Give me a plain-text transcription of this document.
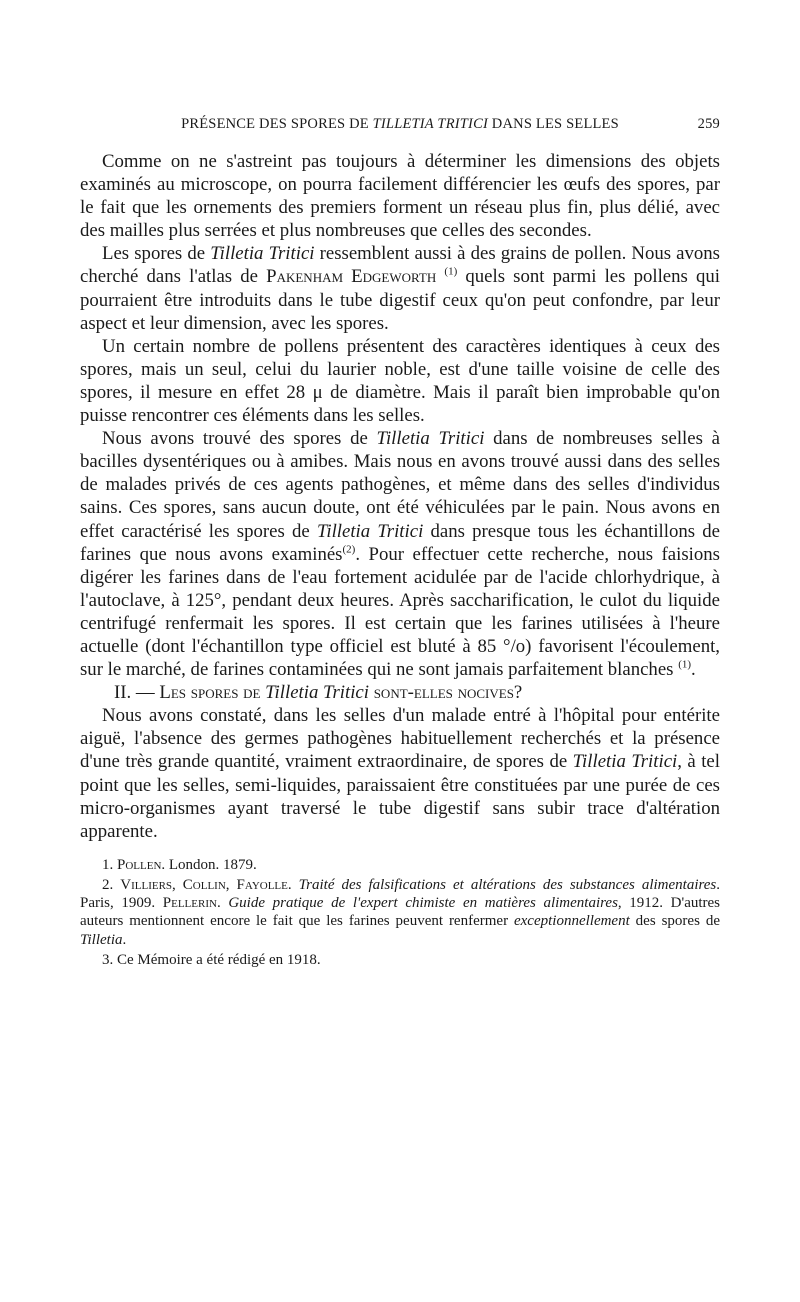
PRÉSENCE DES SPORES DE TILLETIA TRITICI DANS LES SELLES	259

Comme on ne s'astreint pas toujours à déterminer les dimensions des objets examinés au microscope, on pourra facilement différencier les œufs des spores, par le fait que les ornements des premiers forment un réseau plus fin, plus délié, avec des mailles plus serrées et plus nombreuses que celles des secondes.

Les spores de Tilletia Tritici ressemblent aussi à des grains de pollen. Nous avons cherché dans l'atlas de Pakenham Edgeworth $^{(1)}$ quels sont parmi les pollens qui pourraient être introduits dans le tube digestif ceux qu'on peut confondre, par leur aspect et leur dimension, avec les spores.

Un certain nombre de pollens présentent des caractères identiques à ceux des spores, mais un seul, celui du laurier noble, est d'une taille voisine de celle des spores, il mesure en effet 28 μ de diamètre. Mais il paraît bien improbable qu'on puisse rencontrer ces éléments dans les selles.

Nous avons trouvé des spores de Tilletia Tritici dans de nombreuses selles à bacilles dysentériques ou à amibes. Mais nous en avons trouvé aussi dans des selles de malades privés de ces agents pathogènes, et même dans des selles d'individus sains. Ces spores, sans aucun doute, ont été véhiculées par le pain. Nous avons en effet caractérisé les spores de Tilletia Tritici dans presque tous les échantillons de farines que nous avons examinés$^{(2)}$. Pour effectuer cette recherche, nous faisions digérer les farines dans de l'eau fortement acidulée par de l'acide chlorhydrique, à l'autoclave, à 125°, pendant deux heures. Après saccharification, le culot du liquide centrifugé renfermait les spores. Il est certain que les farines utilisées à l'heure actuelle (dont l'échantillon type officiel est bluté à 85 °/o) favorisent l'écoulement, sur le marché, de farines contaminées qui ne sont jamais parfaitement blanches $^{(1)}$.

II. — Les spores de Tilletia Tritici sont-elles nocives?

Nous avons constaté, dans les selles d'un malade entré à l'hôpital pour entérite aiguë, l'absence des germes pathogènes habituellement recherchés et la présence d'une très grande quantité, vraiment extraordinaire, de spores de Tilletia Tritici, à tel point que les selles, semi-liquides, paraissaient être constituées par une purée de ces micro-organismes ayant traversé le tube digestif sans subir trace d'altération apparente.

1. Pollen. London. 1879.

2. Villiers, Collin, Fayolle. Traité des falsifications et altérations des substances alimentaires. Paris, 1909. Pellerin. Guide pratique de l'expert chimiste en matières alimentaires, 1912. D'autres auteurs mentionnent encore le fait que les farines peuvent renfermer exceptionnellement des spores de Tilletia.

3. Ce Mémoire a été rédigé en 1918.
